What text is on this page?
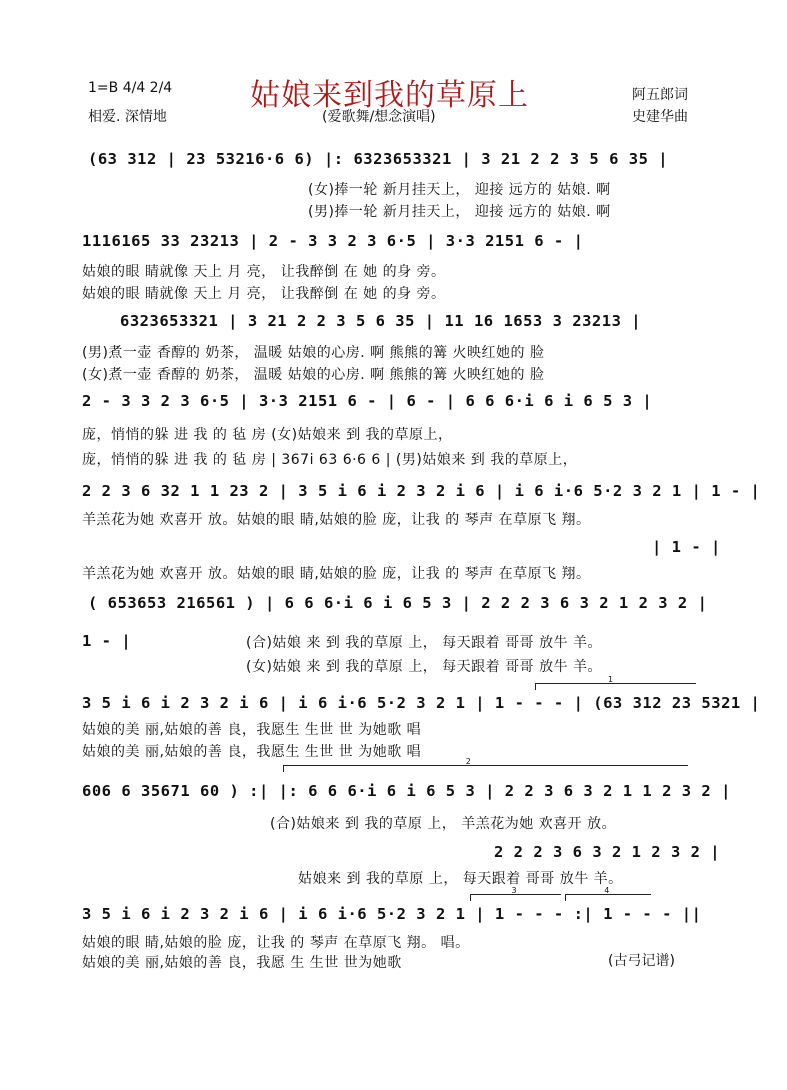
1=B 4/4 2/4	姑娘来到我的草原上
相爱. 深情地	(爱歌舞/想念演唱)
阿五郎词
史建华曲
(63 312 | 23 53216·6 6) |: 6323653321 | 3 21 2 2 3 5 6 35 |
(女)捧一轮 新月挂天上， 迎接 远方的 姑娘. 啊
(男)捧一轮 新月挂天上， 迎接 远方的 姑娘. 啊
1116165 33 23213 | 2 - 3 3 2 3 6·5 | 3·3 2151 6 - |
姑娘的眼 睛就像 天上 月 亮， 让我醉倒 在 她 的身 旁。
姑娘的眼 睛就像 天上 月 亮， 让我醉倒 在 她 的身 旁。
6323653321 | 3 21 2 2 3 5 6 35 | 11 16 1653 3 23213 |
(男)煮一壶 香醇的 奶茶， 温暖 姑娘的心房. 啊 熊熊的篝 火映红她的 脸
(女)煮一壶 香醇的 奶茶， 温暖 姑娘的心房. 啊 熊熊的篝 火映红她的 脸
2 - 3 3 2 3 6·5 | 3·3 2151 6 - | 6 - | 6 6 6·i 6 i 6 5 3 |
庞，悄悄的躲 进 我 的 毡 房 (女)姑娘来 到 我的草原上，
庞，悄悄的躲 进 我 的 毡 房 | 367i 63 6·6 6 | (男)姑娘来 到 我的草原上，
2 2 3 6 32 1 1 23 2 | 3 5 i 6 i 2 3 2 i 6 | i 6 i·6 5·2 3 2 1 | 1 - |
羊羔花为她 欢喜开 放。姑娘的眼 睛,姑娘的脸 庞，让我 的 琴声 在草原飞 翔。
| 1 - |
羊羔花为她 欢喜开 放。姑娘的眼 睛,姑娘的脸 庞，让我 的 琴声 在草原飞 翔。
( 653653 216561 ) | 6 6 6·i 6 i 6 5 3 | 2 2 2 3 6 3 2 1 2 3 2 |
1 - |	(合)姑娘 来 到 我的草原 上， 每天跟着 哥哥 放牛 羊。
(女)姑娘 来 到 我的草原 上， 每天跟着 哥哥 放牛 羊。
1
3 5 i 6 i 2 3 2 i 6 | i 6 i·6 5·2 3 2 1 | 1 - - - | (63 312 23 5321 |
姑娘的美 丽,姑娘的善 良，我愿生 生世 世 为她歌 唱
姑娘的美 丽,姑娘的善 良，我愿生 生世 世 为她歌 唱
2
606 6 35671 60 ) :| |: 6 6 6·i 6 i 6 5 3 | 2 2 3 6 3 2 1 1 2 3 2 |
(合)姑娘来 到 我的草原 上， 羊羔花为她 欢喜开 放。
2 2 2 3 6 3 2 1 2 3 2 |
姑娘来 到 我的草原 上， 每天跟着 哥哥 放牛 羊。
3	4
3 5 i 6 i 2 3 2 i 6 | i 6 i·6 5·2 3 2 1 | 1 - - - :| 1 - - - ||
姑娘的眼 睛,姑娘的脸 庞，让我 的 琴声 在草原飞 翔。 唱。
姑娘的美 丽,姑娘的善 良，我愿 生 生世 世为她歌	(古弓记谱)
